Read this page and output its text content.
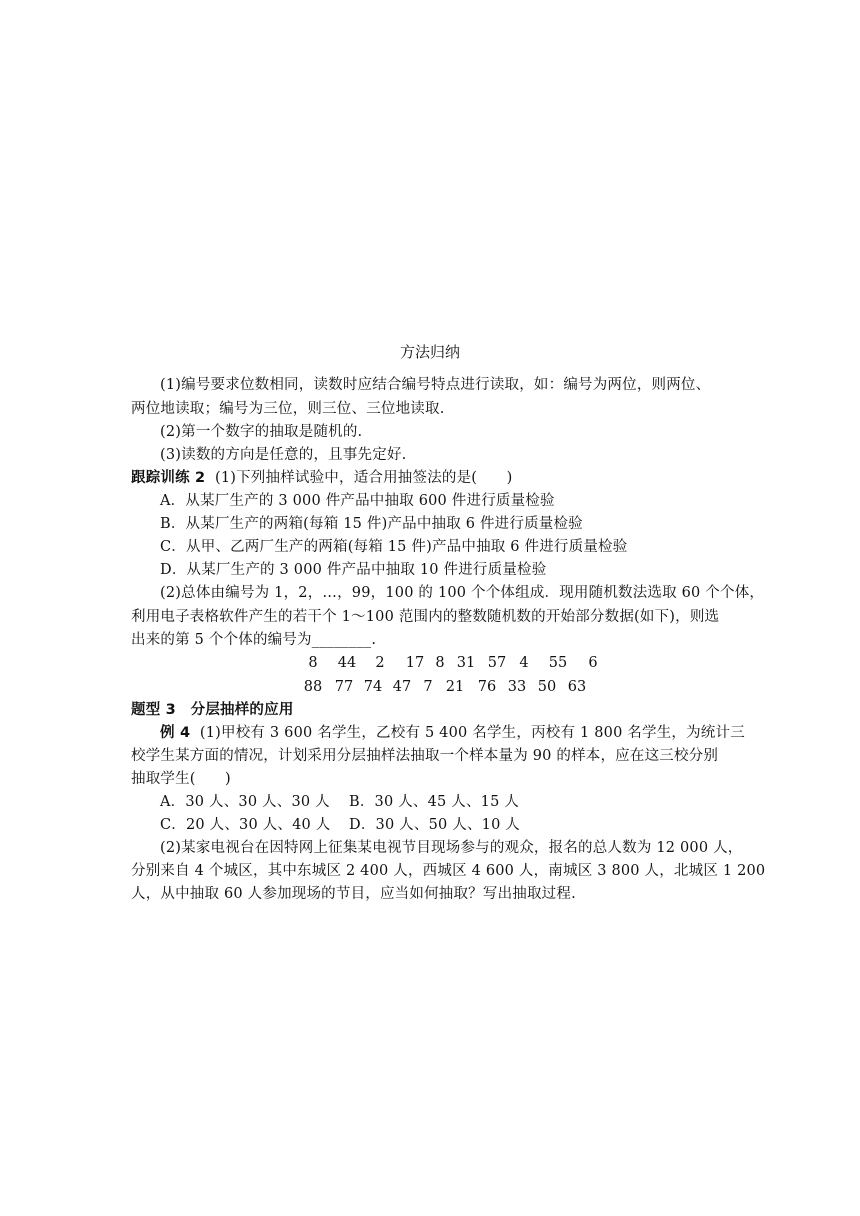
方法归纳
(1)编号要求位数相同，读数时应结合编号特点进行读取，如：编号为两位，则两位、
两位地读取；编号为三位，则三位、三位地读取.
(2)第一个数字的抽取是随机的.
(3)读数的方向是任意的，且事先定好.
跟踪训练 2 (1)下列抽样试验中，适合用抽签法的是(　　)
A．从某厂生产的 3 000 件产品中抽取 600 件进行质量检验
B．从某厂生产的两箱(每箱 15 件)产品中抽取 6 件进行质量检验
C．从甲、乙两厂生产的两箱(每箱 15 件)产品中抽取 6 件进行质量检验
D．从某厂生产的 3 000 件产品中抽取 10 件进行质量检验
(2)总体由编号为 1，2，…，99，100 的 100 个个体组成．现用随机数法选取 60 个个体，
利用电子表格软件产生的若干个 1～100 范围内的整数随机数的开始部分数据(如下)，则选
出来的第 5 个个体的编号为________.
8	44	2	17 8 31 57 4	55	6
88 77 74 47 7 21 76 33 50 63
题型 3　分层抽样的应用
例 4 (1)甲校有 3 600 名学生，乙校有 5 400 名学生，丙校有 1 800 名学生，为统计三
校学生某方面的情况，计划采用分层抽样法抽取一个样本量为 90 的样本，应在这三校分别
抽取学生(　　)
A．30 人、30 人、30 人 B．30 人、45 人、15 人
C．20 人、30 人、40 人 D．30 人、50 人、10 人
(2)某家电视台在因特网上征集某电视节目现场参与的观众，报名的总人数为 12 000 人，
分别来自 4 个城区，其中东城区 2 400 人，西城区 4 600 人，南城区 3 800 人，北城区 1 200
人，从中抽取 60 人参加现场的节目，应当如何抽取？写出抽取过程.
